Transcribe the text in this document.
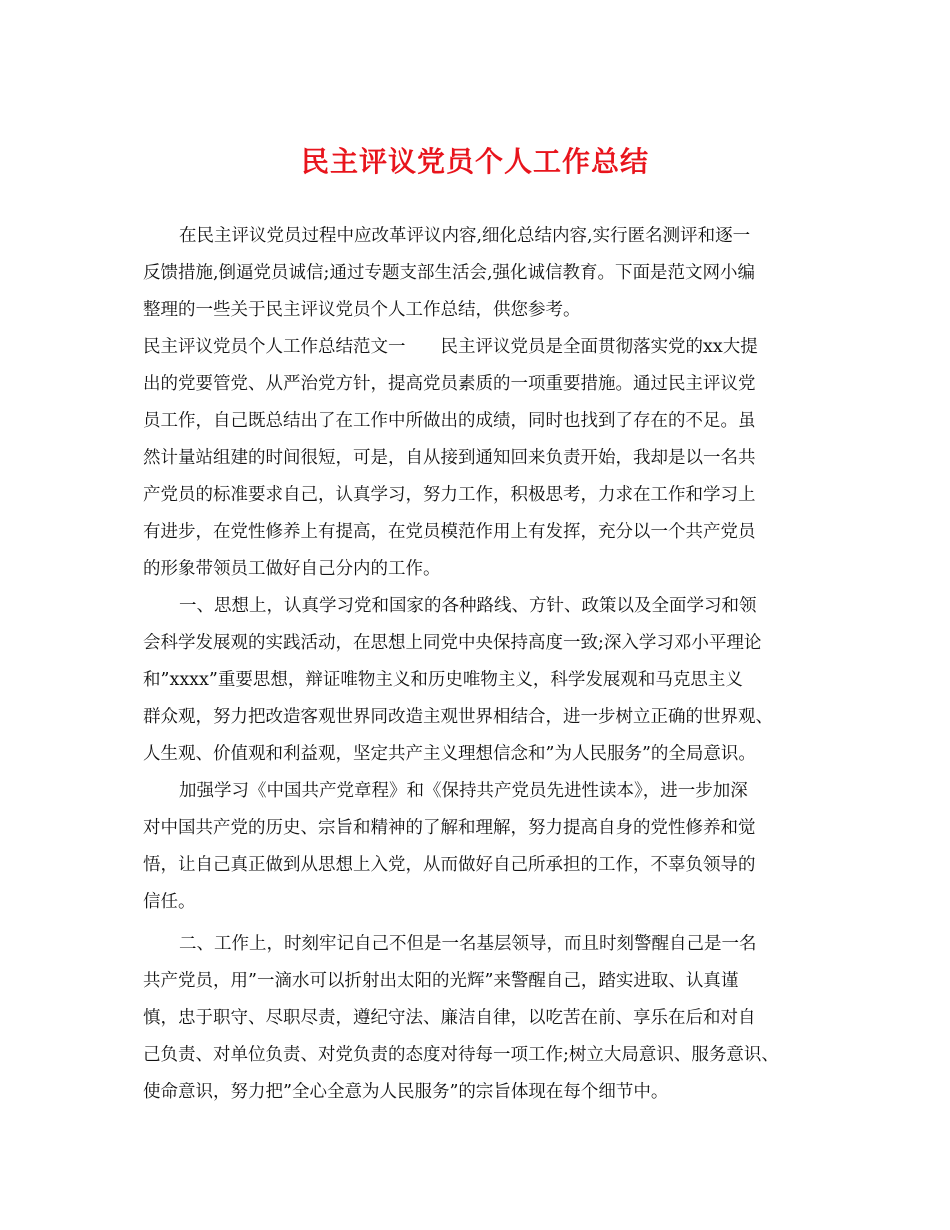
民主评议党员个人工作总结
在民主评议党员过程中应改革评议内容,细化总结内容,实行匿名测评和逐一
反馈措施,倒逼党员诚信;通过专题支部生活会,强化诚信教育。下面是范文网小编
整理的一些关于民主评议党员个人工作总结，供您参考。
民主评议党员个人工作总结范文一　　民主评议党员是全面贯彻落实党的xx大提
出的党要管党、从严治党方针，提高党员素质的一项重要措施。通过民主评议党
员工作，自己既总结出了在工作中所做出的成绩，同时也找到了存在的不足。虽
然计量站组建的时间很短，可是，自从接到通知回来负责开始，我却是以一名共
产党员的标准要求自己，认真学习，努力工作，积极思考，力求在工作和学习上
有进步，在党性修养上有提高，在党员模范作用上有发挥，充分以一个共产党员
的形象带领员工做好自己分内的工作。
一、思想上，认真学习党和国家的各种路线、方针、政策以及全面学习和领
会科学发展观的实践活动，在思想上同党中央保持高度一致;深入学习邓小平理论
和”xxxx”重要思想，辩证唯物主义和历史唯物主义，科学发展观和马克思主义
群众观，努力把改造客观世界同改造主观世界相结合，进一步树立正确的世界观、
人生观、价值观和利益观，坚定共产主义理想信念和”为人民服务”的全局意识。
加强学习《中国共产党章程》和《保持共产党员先进性读本》，进一步加深
对中国共产党的历史、宗旨和精神的了解和理解，努力提高自身的党性修养和觉
悟，让自己真正做到从思想上入党，从而做好自己所承担的工作，不辜负领导的
信任。
二、工作上，时刻牢记自己不但是一名基层领导，而且时刻警醒自己是一名
共产党员，用”一滴水可以折射出太阳的光辉”来警醒自己，踏实进取、认真谨
慎，忠于职守、尽职尽责，遵纪守法、廉洁自律，以吃苦在前、享乐在后和对自
己负责、对单位负责、对党负责的态度对待每一项工作;树立大局意识、服务意识、
使命意识，努力把”全心全意为人民服务”的宗旨体现在每个细节中。
